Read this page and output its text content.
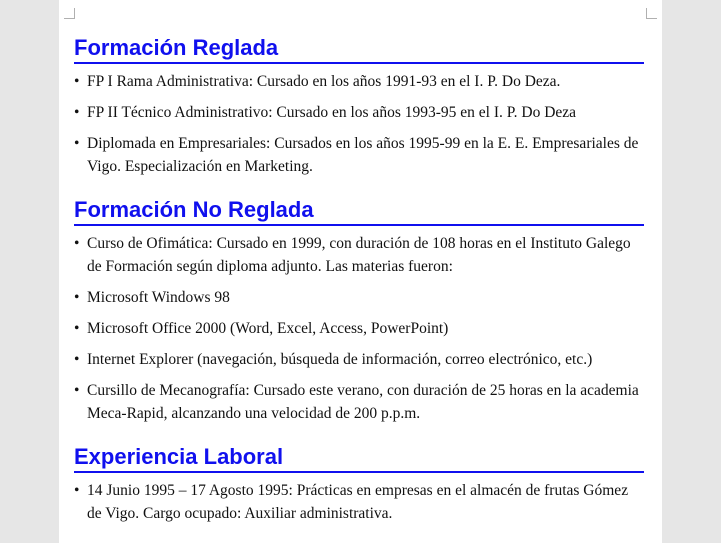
Formación Reglada
• FP I Rama Administrativa: Cursado en los años 1991-93 en el I. P. Do Deza.
• FP II Técnico Administrativo: Cursado en los años 1993-95 en el I. P. Do Deza
• Diplomada en Empresariales: Cursados en los años 1995-99 en la E. E. Empresariales de Vigo. Especialización en Marketing.
Formación No Reglada
• Curso de Ofimática: Cursado en 1999, con duración de 108 horas en el Instituto Galego de Formación según diploma adjunto. Las materias fueron:
• Microsoft Windows 98
• Microsoft Office 2000 (Word, Excel, Access, PowerPoint)
• Internet Explorer (navegación, búsqueda de información, correo electrónico, etc.)
• Cursillo de Mecanografía: Cursado este verano, con duración de 25 horas en la academia Meca-Rapid, alcanzando una velocidad de 200 p.p.m.
Experiencia Laboral
• 14 Junio 1995 – 17 Agosto 1995: Prácticas en empresas en el almacén de frutas Gómez de Vigo. Cargo ocupado: Auxiliar administrativa.
